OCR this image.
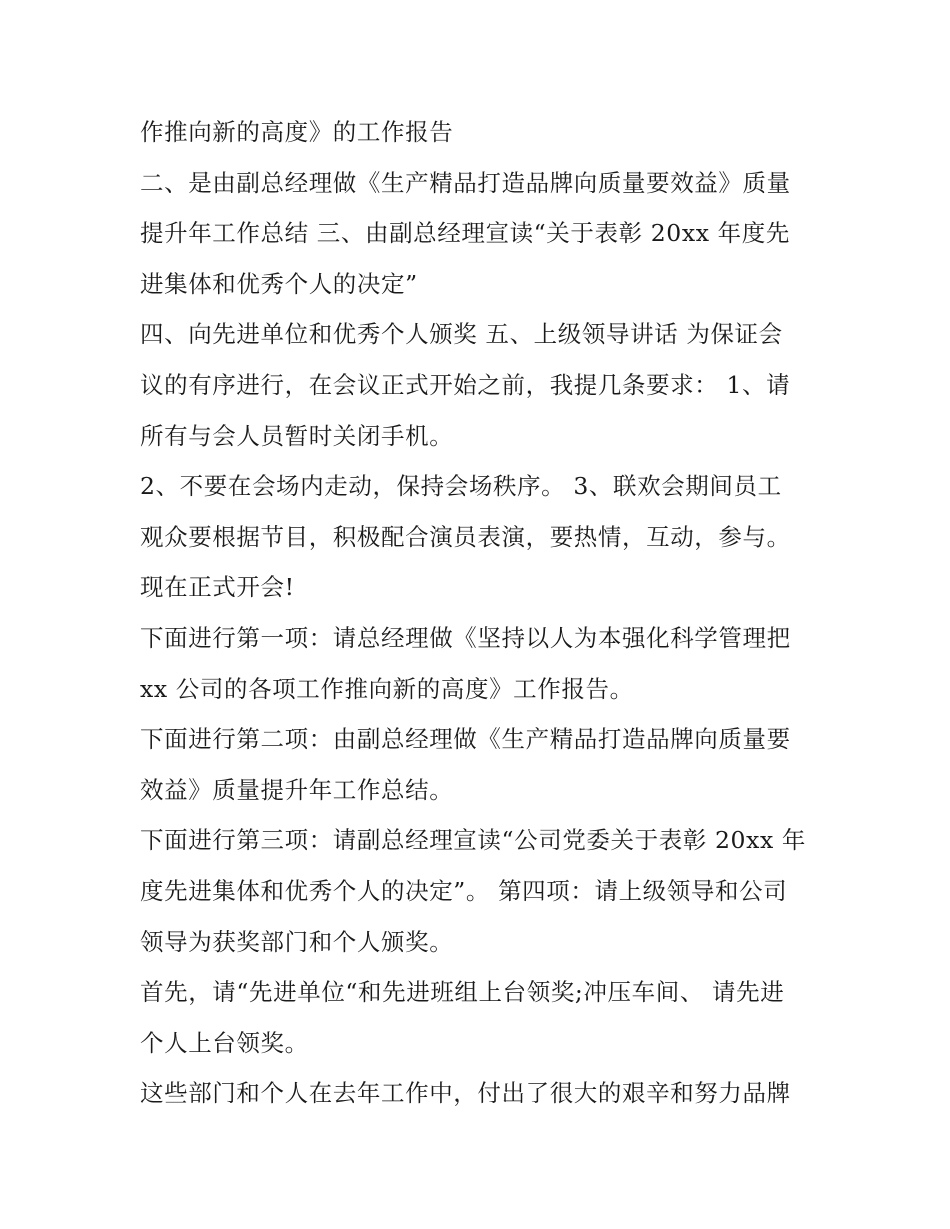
作推向新的高度》的工作报告
二、是由副总经理做《生产精品打造品牌向质量要效益》质量
提升年工作总结 三、由副总经理宣读“关于表彰 20xx 年度先
进集体和优秀个人的决定”
四、向先进单位和优秀个人颁奖 五、上级领导讲话 为保证会
议的有序进行，在会议正式开始之前，我提几条要求： 1、请
所有与会人员暂时关闭手机。
2、不要在会场内走动，保持会场秩序。 3、联欢会期间员工
观众要根据节目，积极配合演员表演，要热情，互动，参与。
现在正式开会!
下面进行第一项：请总经理做《坚持以人为本强化科学管理把
xx 公司的各项工作推向新的高度》工作报告。
下面进行第二项：由副总经理做《生产精品打造品牌向质量要
效益》质量提升年工作总结。
下面进行第三项：请副总经理宣读“公司党委关于表彰 20xx 年
度先进集体和优秀个人的决定”。 第四项：请上级领导和公司
领导为获奖部门和个人颁奖。
首先，请“先进单位“和先进班组上台领奖;冲压车间、 请先进
个人上台领奖。
这些部门和个人在去年工作中，付出了很大的艰辛和努力品牌
